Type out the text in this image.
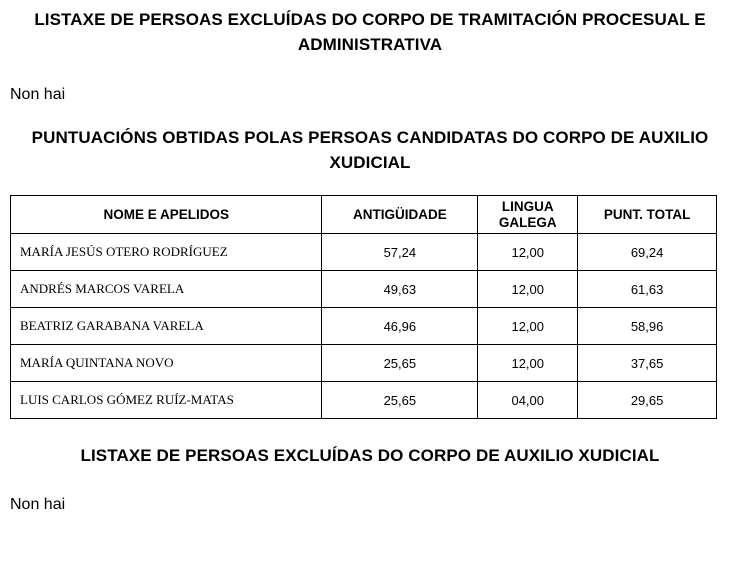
LISTAXE DE PERSOAS EXCLUÍDAS DO CORPO DE TRAMITACIÓN PROCESUAL E ADMINISTRATIVA
Non hai
PUNTUACIÓNS OBTIDAS POLAS PERSOAS CANDIDATAS DO CORPO DE AUXILIO XUDICIAL
NOME E APELIDOS	ANTIGÜIDADE	LINGUA GALEGA	PUNT. TOTAL
MARÍA JESÚS OTERO RODRÍGUEZ	57,24	12,00	69,24
ANDRÉS MARCOS VARELA	49,63	12,00	61,63
BEATRIZ GARABANA VARELA	46,96	12,00	58,96
MARÍA QUINTANA NOVO	25,65	12,00	37,65
LUIS CARLOS GÓMEZ RUÍZ-MATAS	25,65	04,00	29,65
LISTAXE DE PERSOAS EXCLUÍDAS DO CORPO DE AUXILIO XUDICIAL
Non hai
